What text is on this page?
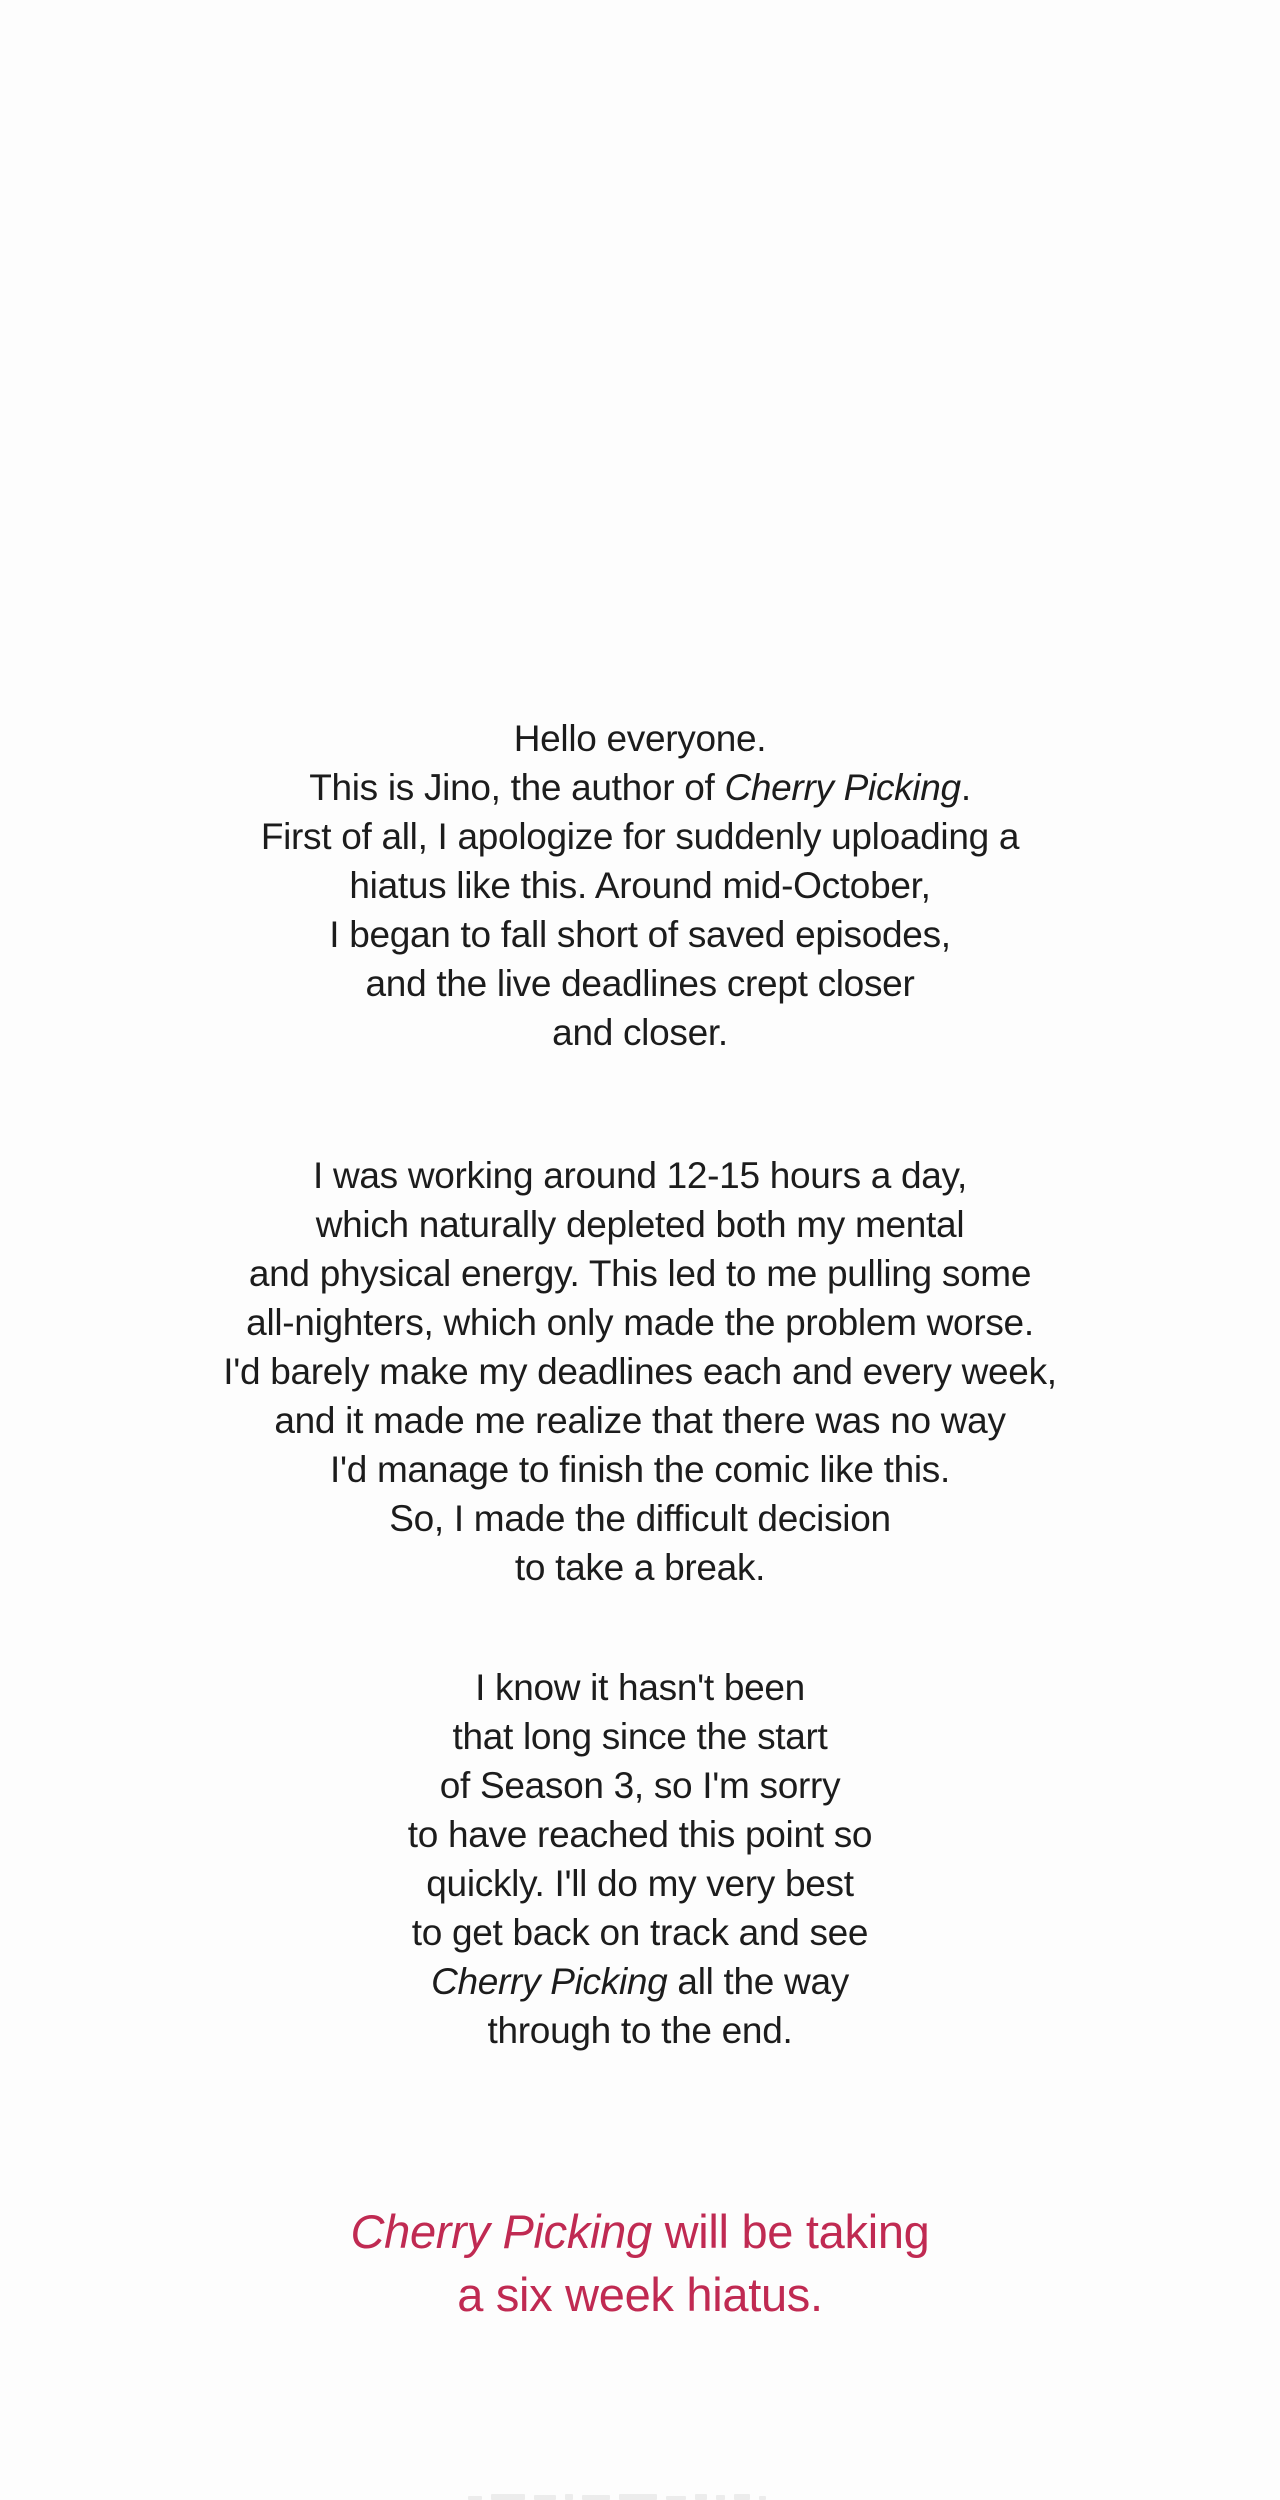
Hello everyone.
This is Jino, the author of Cherry Picking.
First of all, I apologize for suddenly uploading a
hiatus like this. Around mid-October,
I began to fall short of saved episodes,
and the live deadlines crept closer
and closer.
I was working around 12-15 hours a day,
which naturally depleted both my mental
and physical energy. This led to me pulling some
all-nighters, which only made the problem worse.
I'd barely make my deadlines each and every week,
and it made me realize that there was no way
I'd manage to finish the comic like this.
So, I made the difficult decision
to take a break.
I know it hasn't been
that long since the start
of Season 3, so I'm sorry
to have reached this point so
quickly. I'll do my very best
to get back on track and see
Cherry Picking all the way
through to the end.
Cherry Picking will be taking
a six week hiatus.
